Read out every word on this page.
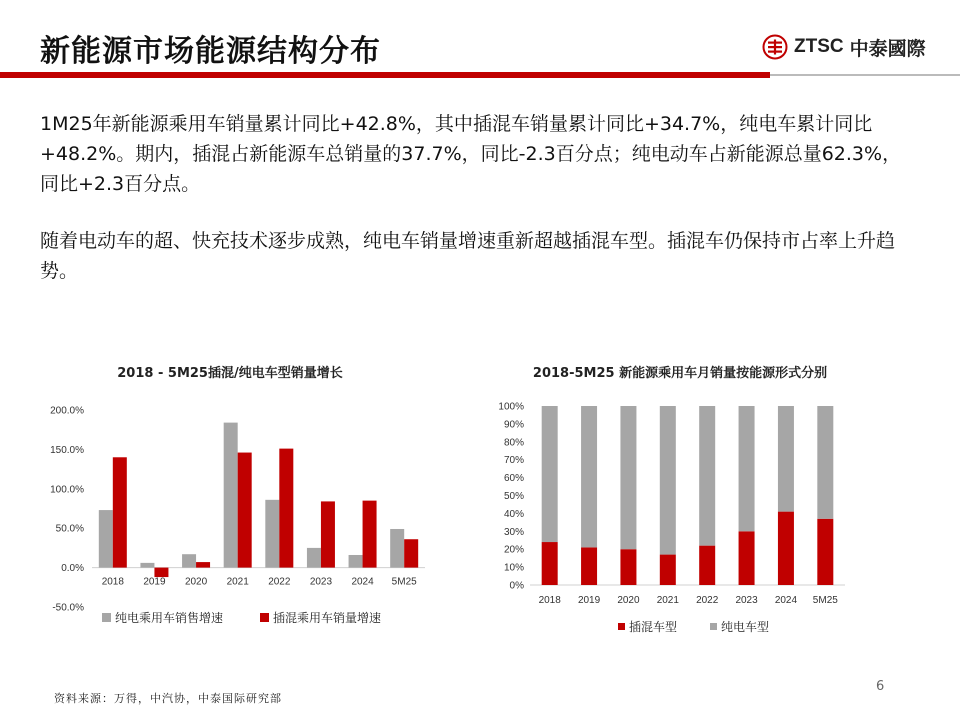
新能源市场能源结构分布	ZTSC 中泰國際
1M25年新能源乘用车销量累计同比+42.8%，其中插混车销量累计同比+34.7%，纯电车累计同比+48.2%。期内，插混占新能源车总销量的37.7%，同比-2.3百分点；纯电动车占新能源总量62.3%，同比+2.3百分点。
随着电动车的超、快充技术逐步成熟，纯电车销量增速重新超越插混车型。插混车仍保持市占率上升趋势。
2018 - 5M25插混/纯电车型销量增长
200.0%
150.0%
100.0%
50.0%
0.0%
-50.0%
2018 2019 2020 2021 2022 2023 2024 5M25
纯电乘用车销售增速	插混乘用车销量增速
2018-5M25 新能源乘用车月销量按能源形式分别
100%
90%
80%
70%
60%
50%
40%
30%
20%
10%
0%
2018 2019 2020 2021 2022 2023 2024 5M25
插混车型	纯电车型
资料来源：万得，中汽协，中泰国际研究部
6
